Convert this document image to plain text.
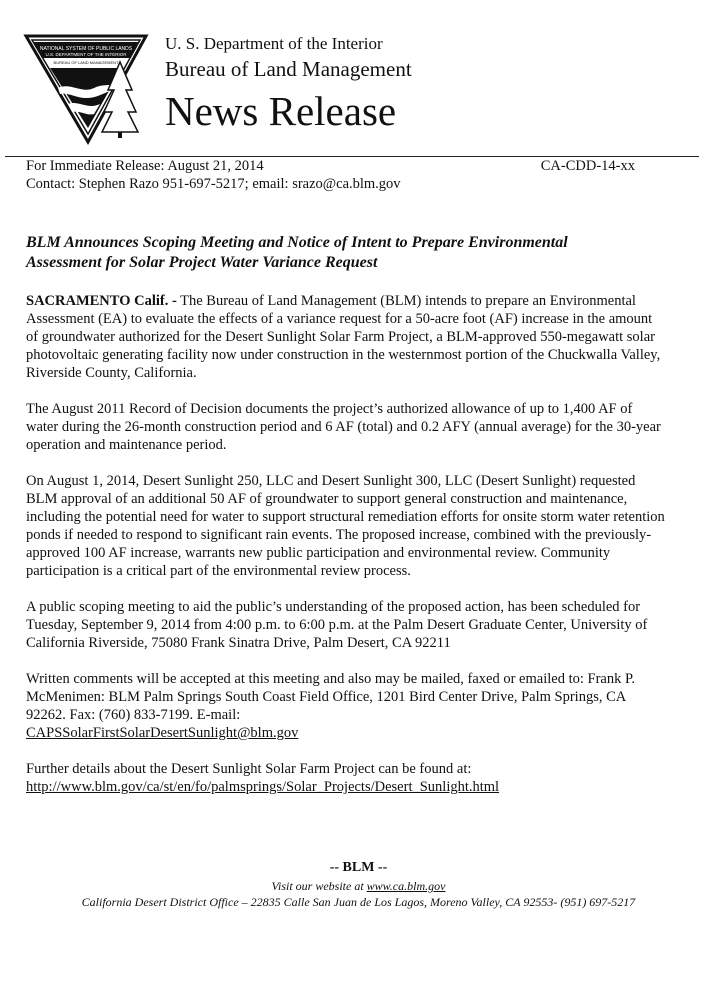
NATIONAL SYSTEM OF PUBLIC LANDS
U.S. DEPARTMENT OF THE INTERIOR
BUREAU OF LAND MANAGEMENT
U. S. Department of the Interior
Bureau of Land Management
News Release
For Immediate Release: August 21, 2014	CA-CDD-14-xx
Contact: Stephen Razo 951-697-5217; email: srazo@ca.blm.gov
BLM Announces Scoping Meeting and Notice of Intent to Prepare Environmental
Assessment for Solar Project Water Variance Request

SACRAMENTO Calif. - The Bureau of Land Management (BLM) intends to prepare an Environmental Assessment (EA) to evaluate the effects of a variance request for a 50-acre foot (AF) increase in the amount of groundwater authorized for the Desert Sunlight Solar Farm Project, a BLM-approved 550-megawatt solar photovoltaic generating facility now under construction in the westernmost portion of the Chuckwalla Valley, Riverside County, California.

The August 2011 Record of Decision documents the project’s authorized allowance of up to 1,400 AF of water during the 26-month construction period and 6 AF (total) and 0.2 AFY (annual average) for the 30-year operation and maintenance period.

On August 1, 2014, Desert Sunlight 250, LLC and Desert Sunlight 300, LLC (Desert Sunlight) requested BLM approval of an additional 50 AF of groundwater to support general construction and maintenance, including the potential need for water to support structural remediation efforts for onsite storm water retention ponds if needed to respond to significant rain events. The proposed increase, combined with the previously-approved 100 AF increase, warrants new public participation and environmental review. Community participation is a critical part of the environmental review process.

A public scoping meeting to aid the public’s understanding of the proposed action, has been scheduled for Tuesday, September 9, 2014 from 4:00 p.m. to 6:00 p.m. at the Palm Desert Graduate Center, University of California Riverside, 75080 Frank Sinatra Drive, Palm Desert, CA 92211

Written comments will be accepted at this meeting and also may be mailed, faxed or emailed to: Frank P. McMenimen: BLM Palm Springs South Coast Field Office, 1201 Bird Center Drive, Palm Springs, CA 92262. Fax: (760) 833-7199. E-mail:
CAPSSolarFirstSolarDesertSunlight@blm.gov

Further details about the Desert Sunlight Solar Farm Project can be found at:
http://www.blm.gov/ca/st/en/fo/palmsprings/Solar_Projects/Desert_Sunlight.html

-- BLM --
Visit our website at www.ca.blm.gov
California Desert District Office – 22835 Calle San Juan de Los Lagos, Moreno Valley, CA 92553- (951) 697-5217
